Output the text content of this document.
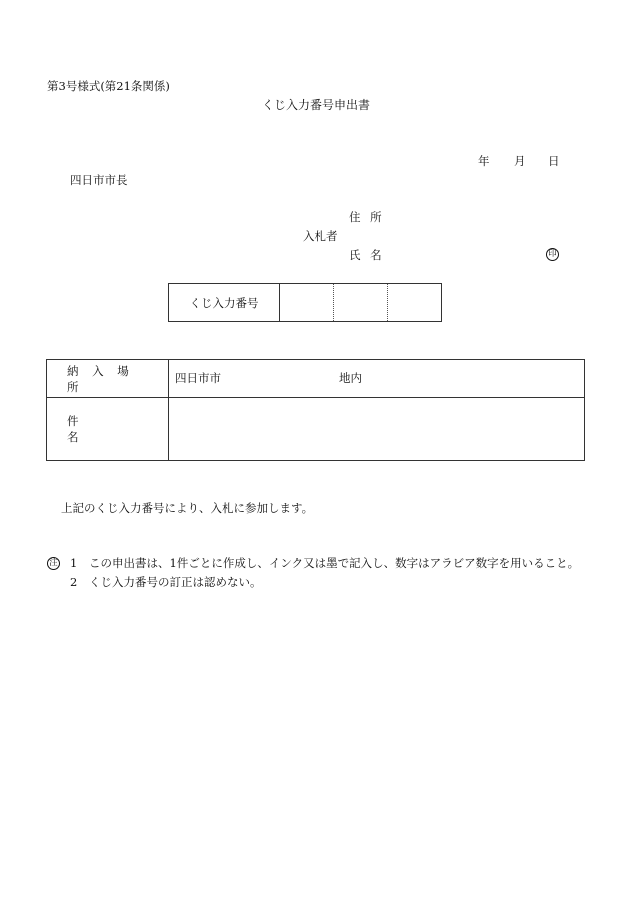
第3号様式(第21条関係)
くじ入力番号申出書
年 月 日
四日市市長
住 所
入札者
氏 名	印
くじ入力番号			
納 入 場 所	四日市市 地内

件 名	

上記のくじ入力番号により、入札に参加します。
注 1 この申出書は、1件ごとに作成し、インク又は墨で記入し、数字はアラビア数字を用いること。
2 くじ入力番号の訂正は認めない。
